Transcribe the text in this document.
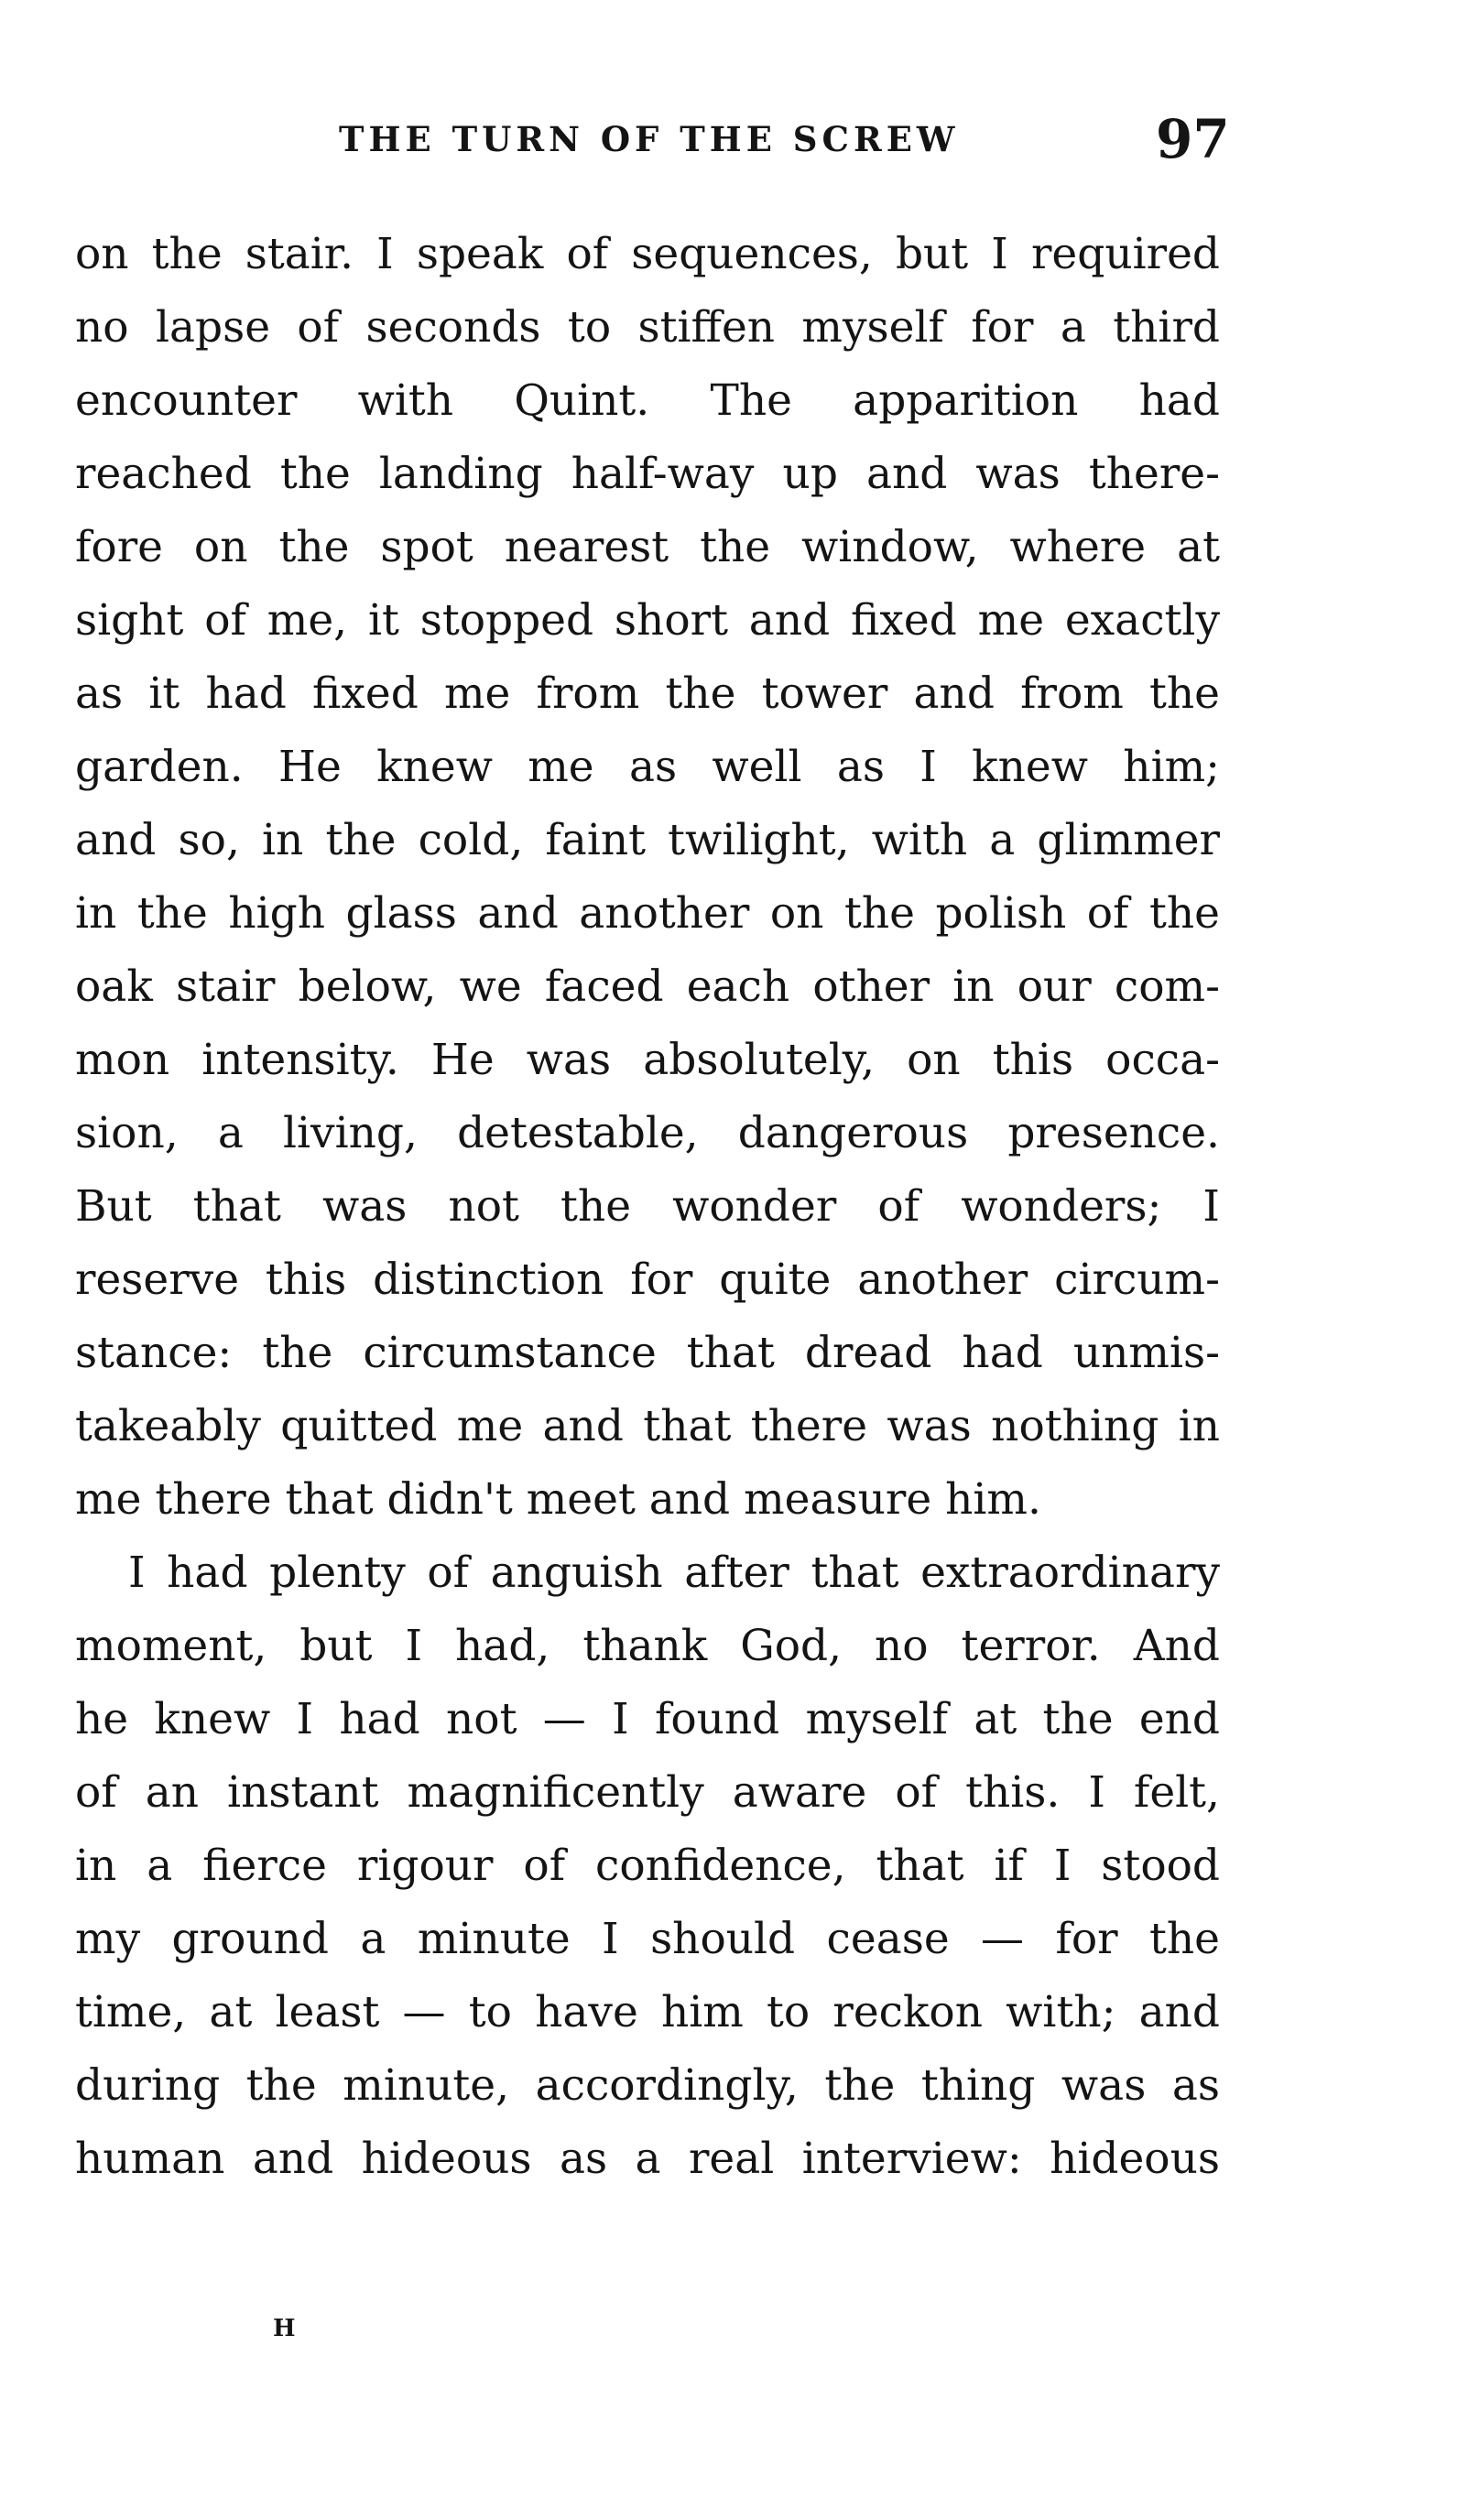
THE TURN OF THE SCREW	97
on the stair. I speak of sequences, but I required
no lapse of seconds to stiffen myself for a third
encounter with Quint. The apparition had
reached the landing half-way up and was there-
fore on the spot nearest the window, where at
sight of me, it stopped short and fixed me exactly
as it had fixed me from the tower and from the
garden. He knew me as well as I knew him;
and so, in the cold, faint twilight, with a glimmer
in the high glass and another on the polish of the
oak stair below, we faced each other in our com-
mon intensity. He was absolutely, on this occa-
sion, a living, detestable, dangerous presence.
But that was not the wonder of wonders; I
reserve this distinction for quite another circum-
stance: the circumstance that dread had unmis-
takeably quitted me and that there was nothing in
me there that didn't meet and measure him.
I had plenty of anguish after that extraordinary
moment, but I had, thank God, no terror. And
he knew I had not — I found myself at the end
of an instant magnificently aware of this. I felt,
in a fierce rigour of confidence, that if I stood
my ground a minute I should cease — for the
time, at least — to have him to reckon with; and
during the minute, accordingly, the thing was as
human and hideous as a real interview: hideous
H
